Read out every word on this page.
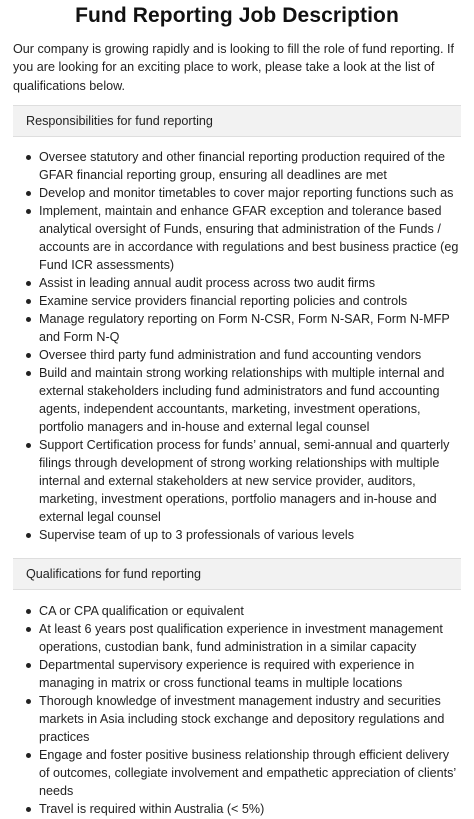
Fund Reporting Job Description

Our company is growing rapidly and is looking to fill the role of fund reporting. If you are looking for an exciting place to work, please take a look at the list of qualifications below.

Responsibilities for fund reporting
Oversee statutory and other financial reporting production required of the GFAR financial reporting group, ensuring all deadlines are met
Develop and monitor timetables to cover major reporting functions such as
Implement, maintain and enhance GFAR exception and tolerance based analytical oversight of Funds, ensuring that administration of the Funds / accounts are in accordance with regulations and best business practice (eg Fund ICR assessments)
Assist in leading annual audit process across two audit firms
Examine service providers financial reporting policies and controls
Manage regulatory reporting on Form N-CSR, Form N-SAR, Form N-MFP and Form N-Q
Oversee third party fund administration and fund accounting vendors
Build and maintain strong working relationships with multiple internal and external stakeholders including fund administrators and fund accounting agents, independent accountants, marketing, investment operations, portfolio managers and in-house and external legal counsel
Support Certification process for funds’ annual, semi-annual and quarterly filings through development of strong working relationships with multiple internal and external stakeholders at new service provider, auditors, marketing, investment operations, portfolio managers and in-house and external legal counsel
Supervise team of up to 3 professionals of various levels
Qualifications for fund reporting
CA or CPA qualification or equivalent
At least 6 years post qualification experience in investment management operations, custodian bank, fund administration in a similar capacity
Departmental supervisory experience is required with experience in managing in matrix or cross functional teams in multiple locations
Thorough knowledge of investment management industry and securities markets in Asia including stock exchange and depository regulations and practices
Engage and foster positive business relationship through efficient delivery of outcomes, collegiate involvement and empathetic appreciation of clients’ needs
Travel is required within Australia (< 5%)
